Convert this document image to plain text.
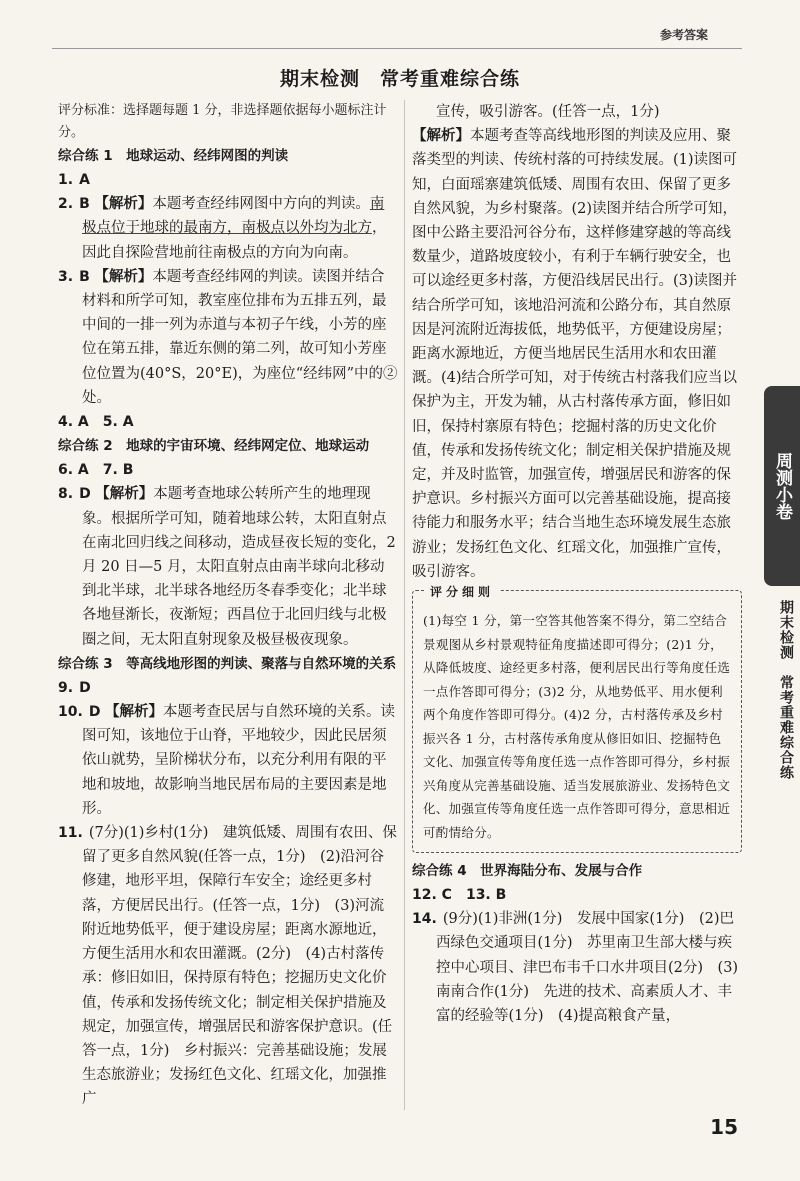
参考答案
期末检测　常考重难综合练

评分标准：选择题每题 1 分，非选择题依据每小题标注计分。

综合练 1　地球运动、经纬网图的判读

1. A

2. B 【解析】本题考查经纬网图中方向的判读。南极点位于地球的最南方，南极点以外均为北方，因此自探险营地前往南极点的方向为向南。

3. B 【解析】本题考查经纬网的判读。读图并结合材料和所学可知，教室座位排布为五排五列，最中间的一排一列为赤道与本初子午线，小芳的座位在第五排，靠近东侧的第二列，故可知小芳座位位置为(40°S，20°E)，为座位“经纬网”中的②处。

4. A　5. A

综合练 2　地球的宇宙环境、经纬网定位、地球运动

6. A　7. B

8. D 【解析】本题考查地球公转所产生的地理现象。根据所学可知，随着地球公转，太阳直射点在南北回归线之间移动，造成昼夜长短的变化，2 月 20 日—5 月，太阳直射点由南半球向北移动到北半球，北半球各地经历冬春季变化；北半球各地昼渐长，夜渐短；西昌位于北回归线与北极圈之间，无太阳直射现象及极昼极夜现象。

综合练 3　等高线地形图的判读、聚落与自然环境的关系

9. D

10. D 【解析】本题考查民居与自然环境的关系。读图可知，该地位于山脊，平地较少，因此民居须依山就势，呈阶梯状分布，以充分利用有限的平地和坡地，故影响当地民居布局的主要因素是地形。

11. (7分)(1)乡村(1分)　建筑低矮、周围有农田、保留了更多自然风貌(任答一点，1分)　(2)沿河谷修建，地形平坦，保障行车安全；途经更多村落，方便居民出行。(任答一点，1分)　(3)河流附近地势低平，便于建设房屋；距离水源地近，方便生活用水和农田灌溉。(2分)　(4)古村落传承：修旧如旧，保持原有特色；挖掘历史文化价值，传承和发扬传统文化；制定相关保护措施及规定，加强宣传，增强居民和游客保护意识。(任答一点，1分)　乡村振兴：完善基础设施；发展生态旅游业；发扬红色文化、红瑶文化，加强推广

宣传，吸引游客。(任答一点，1分)

【解析】本题考查等高线地形图的判读及应用、聚落类型的判读、传统村落的可持续发展。(1)读图可知，白面瑶寨建筑低矮、周围有农田、保留了更多自然风貌，为乡村聚落。(2)读图并结合所学可知，图中公路主要沿河谷分布，这样修建穿越的等高线数量少，道路坡度较小，有利于车辆行驶安全，也可以途经更多村落，方便沿线居民出行。(3)读图并结合所学可知，该地沿河流和公路分布，其自然原因是河流附近海拔低，地势低平，方便建设房屋；距离水源地近，方便当地居民生活用水和农田灌溉。(4)结合所学可知，对于传统古村落我们应当以保护为主，开发为辅，从古村落传承方面，修旧如旧，保持村寨原有特色；挖掘村落的历史文化价值，传承和发扬传统文化；制定相关保护措施及规定，并及时监管，加强宣传，增强居民和游客的保护意识。乡村振兴方面可以完善基础设施，提高接待能力和服务水平；结合当地生态环境发展生态旅游业；发扬红色文化、红瑶文化，加强推广宣传，吸引游客。

评分细则

(1)每空 1 分，第一空答其他答案不得分，第二空结合景观图从乡村景观特征角度描述即可得分；(2)1 分，从降低坡度、途经更多村落，便利居民出行等角度任选一点作答即可得分；(3)2 分，从地势低平、用水便利两个角度作答即可得分。(4)2 分，古村落传承及乡村振兴各 1 分，古村落传承角度从修旧如旧、挖掘特色文化、加强宣传等角度任选一点作答即可得分，乡村振兴角度从完善基础设施、适当发展旅游业、发扬特色文化、加强宣传等角度任选一点作答即可得分，意思相近可酌情给分。

综合练 4　世界海陆分布、发展与合作

12. C　13. B

14. (9分)(1)非洲(1分)　发展中国家(1分)　(2)巴西绿色交通项目(1分)　苏里南卫生部大楼与疾控中心项目、津巴布韦千口水井项目(2分)　(3)南南合作(1分)　先进的技术、高素质人才、丰富的经验等(1分)　(4)提高粮食产量，

周测小卷
期末检测　常考重难综合练
15
